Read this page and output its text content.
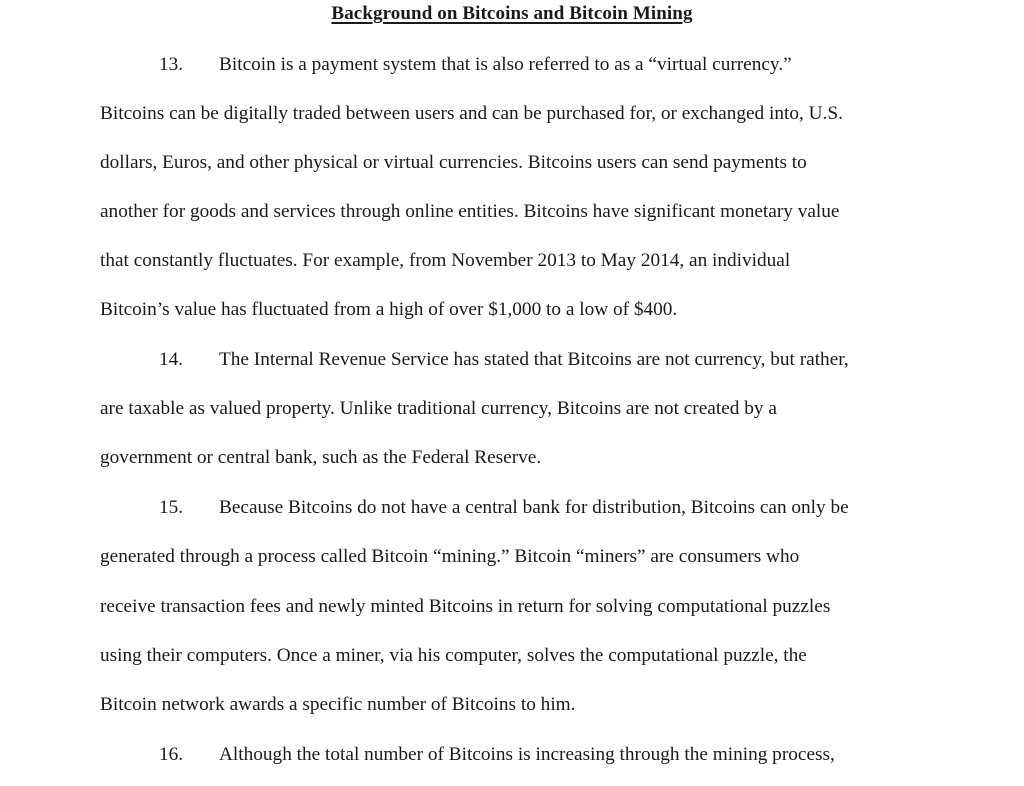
Background on Bitcoins and Bitcoin Mining
13. Bitcoin is a payment system that is also referred to as a “virtual currency.”
Bitcoins can be digitally traded between users and can be purchased for, or exchanged into, U.S.
dollars, Euros, and other physical or virtual currencies. Bitcoins users can send payments to
another for goods and services through online entities. Bitcoins have significant monetary value
that constantly fluctuates. For example, from November 2013 to May 2014, an individual
Bitcoin’s value has fluctuated from a high of over $1,000 to a low of $400.
14. The Internal Revenue Service has stated that Bitcoins are not currency, but rather,
are taxable as valued property. Unlike traditional currency, Bitcoins are not created by a
government or central bank, such as the Federal Reserve.
15. Because Bitcoins do not have a central bank for distribution, Bitcoins can only be
generated through a process called Bitcoin “mining.” Bitcoin “miners” are consumers who
receive transaction fees and newly minted Bitcoins in return for solving computational puzzles
using their computers. Once a miner, via his computer, solves the computational puzzle, the
Bitcoin network awards a specific number of Bitcoins to him.
16. Although the total number of Bitcoins is increasing through the mining process,
